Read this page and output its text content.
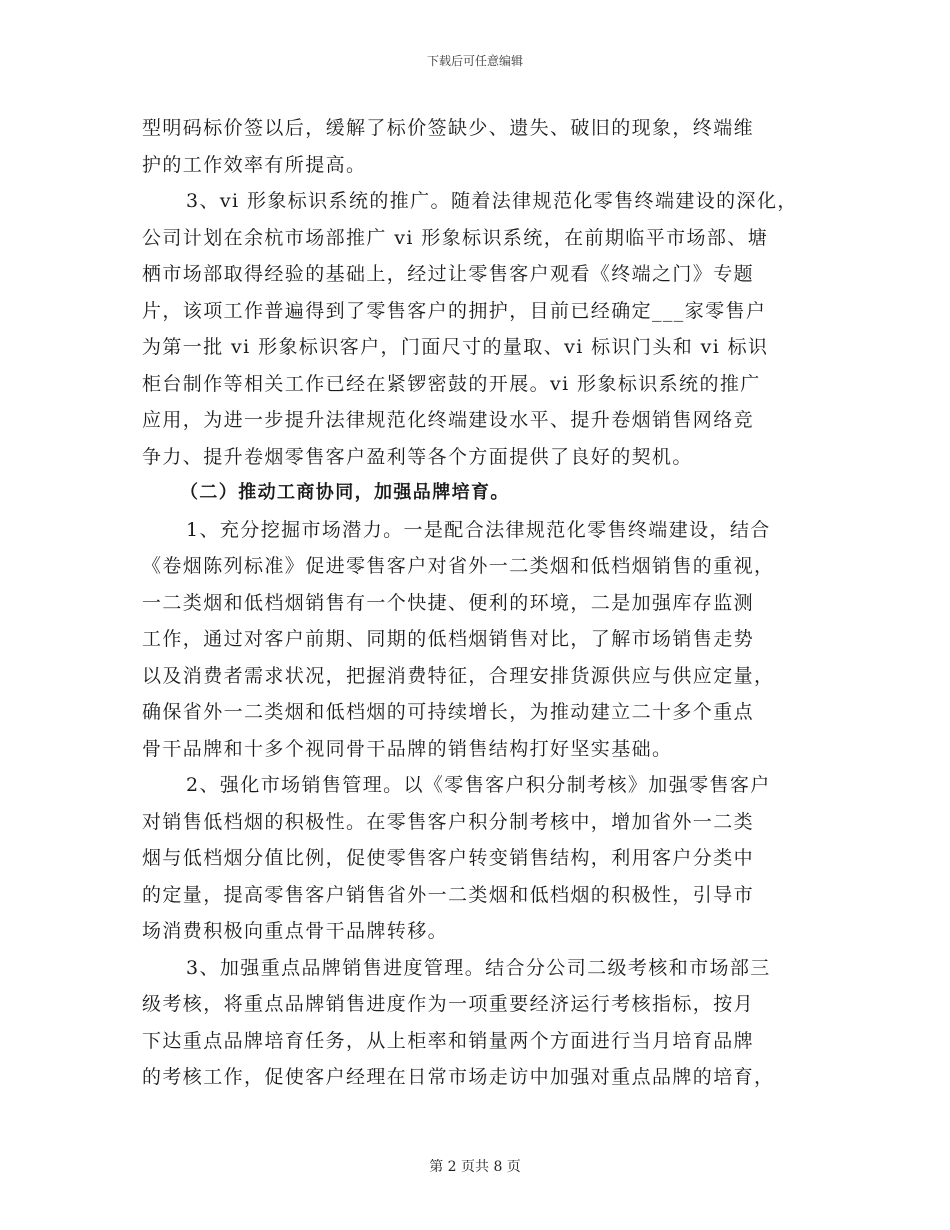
下载后可任意编辑
型明码标价签以后，缓解了标价签缺少、遗失、破旧的现象，终端维
护的工作效率有所提高。
3、vi 形象标识系统的推广。随着法律规范化零售终端建设的深化，
公司计划在余杭市场部推广 vi 形象标识系统，在前期临平市场部、塘
栖市场部取得经验的基础上，经过让零售客户观看《终端之门》专题
片，该项工作普遍得到了零售客户的拥护，目前已经确定___家零售户
为第一批 vi 形象标识客户，门面尺寸的量取、vi 标识门头和 vi 标识
柜台制作等相关工作已经在紧锣密鼓的开展。vi 形象标识系统的推广
应用，为进一步提升法律规范化终端建设水平、提升卷烟销售网络竞
争力、提升卷烟零售客户盈利等各个方面提供了良好的契机。
（二）推动工商协同，加强品牌培育。
1、充分挖掘市场潜力。一是配合法律规范化零售终端建设，结合
《卷烟陈列标准》促进零售客户对省外一二类烟和低档烟销售的重视，
一二类烟和低档烟销售有一个快捷、便利的环境，二是加强库存监测
工作，通过对客户前期、同期的低档烟销售对比，了解市场销售走势
以及消费者需求状况，把握消费特征，合理安排货源供应与供应定量，
确保省外一二类烟和低档烟的可持续增长，为推动建立二十多个重点
骨干品牌和十多个视同骨干品牌的销售结构打好坚实基础。
2、强化市场销售管理。以《零售客户积分制考核》加强零售客户
对销售低档烟的积极性。在零售客户积分制考核中，增加省外一二类
烟与低档烟分值比例，促使零售客户转变销售结构，利用客户分类中
的定量，提高零售客户销售省外一二类烟和低档烟的积极性，引导市
场消费积极向重点骨干品牌转移。
3、加强重点品牌销售进度管理。结合分公司二级考核和市场部三
级考核，将重点品牌销售进度作为一项重要经济运行考核指标，按月
下达重点品牌培育任务，从上柜率和销量两个方面进行当月培育品牌
的考核工作，促使客户经理在日常市场走访中加强对重点品牌的培育，
第 2 页共 8 页
